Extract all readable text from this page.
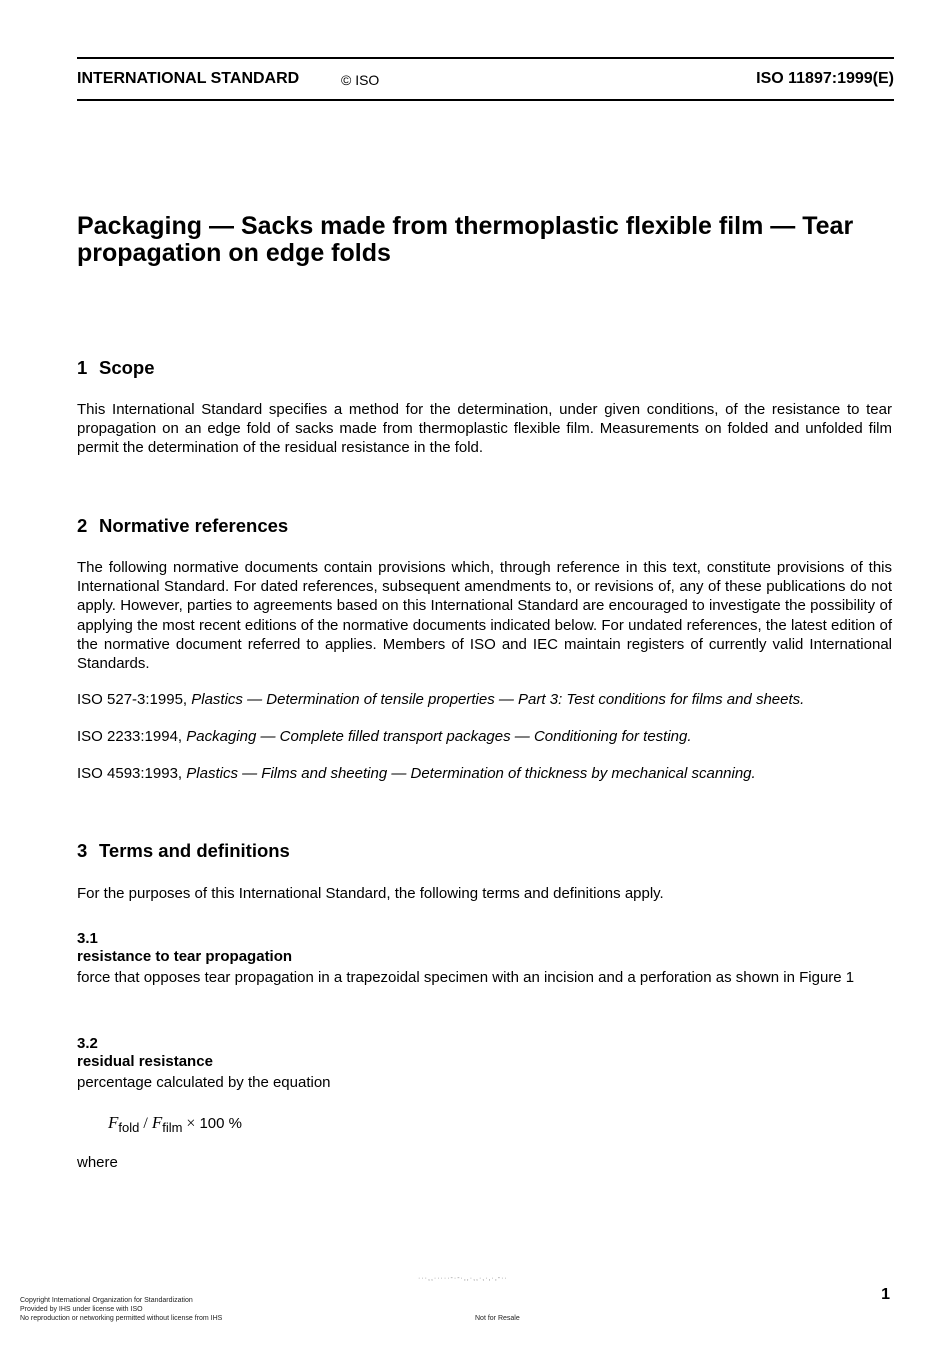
INTERNATIONAL STANDARD	© ISO	ISO 11897:1999(E)
Packaging — Sacks made from thermoplastic flexible film — Tear
propagation on edge folds
1 Scope

This International Standard specifies a method for the determination, under given conditions, of the resistance to tear propagation on an edge fold of sacks made from thermoplastic flexible film. Measurements on folded and unfolded film permit the determination of the residual resistance in the fold.

2 Normative references

The following normative documents contain provisions which, through reference in this text, constitute provisions of this International Standard. For dated references, subsequent amendments to, or revisions of, any of these publications do not apply. However, parties to agreements based on this International Standard are encouraged to investigate the possibility of applying the most recent editions of the normative documents indicated below. For undated references, the latest edition of the normative document referred to applies. Members of ISO and IEC maintain registers of currently valid International Standards.

ISO 527-3:1995, Plastics — Determination of tensile properties — Part 3: Test conditions for films and sheets.

ISO 2233:1994, Packaging — Complete filled transport packages — Conditioning for testing.

ISO 4593:1993, Plastics — Films and sheeting — Determination of thickness by mechanical scanning.

3 Terms and definitions

For the purposes of this International Standard, the following terms and definitions apply.

3.1
resistance to tear propagation

force that opposes tear propagation in a trapezoidal specimen with an incision and a perforation as shown in Figure 1

3.2
residual resistance

percentage calculated by the equation

$F_{fold} / F_{film} \times 100$ %

where

···,,·····-·-·,,·,,·,·,·,-··
Copyright International Organization for Standardization
Provided by IHS under license with ISO
No reproduction or networking permitted without license from IHS	Not for Resale
1
